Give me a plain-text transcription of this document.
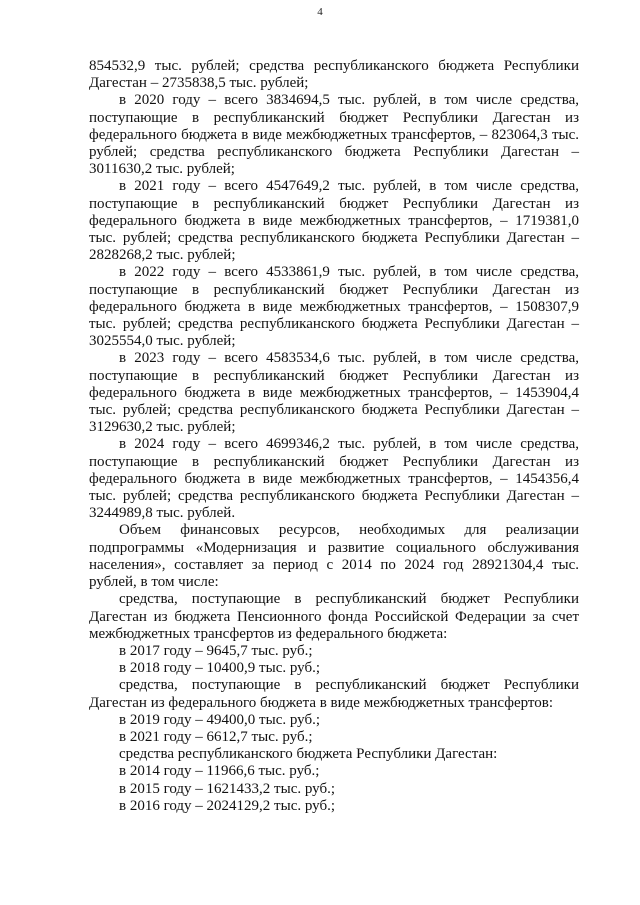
4

854532,9 тыс. рублей; средства республиканского бюджета Республики Дагестан – 2735838,5 тыс. рублей;

в 2020 году – всего 3834694,5 тыс. рублей, в том числе средства, поступающие в республиканский бюджет Республики Дагестан из федерального бюджета в виде межбюджетных трансфертов, – 823064,3 тыс. рублей; средства республиканского бюджета Республики Дагестан – 3011630,2 тыс. рублей;

в 2021 году – всего 4547649,2 тыс. рублей, в том числе средства, поступающие в республиканский бюджет Республики Дагестан из федерального бюджета в виде межбюджетных трансфертов, – 1719381,0 тыс. рублей; средства республиканского бюджета Республики Дагестан – 2828268,2 тыс. рублей;

в 2022 году – всего 4533861,9 тыс. рублей, в том числе средства, поступающие в республиканский бюджет Республики Дагестан из федерального бюджета в виде межбюджетных трансфертов, – 1508307,9 тыс. рублей; средства республиканского бюджета Республики Дагестан – 3025554,0 тыс. рублей;

в 2023 году – всего 4583534,6 тыс. рублей, в том числе средства, поступающие в республиканский бюджет Республики Дагестан из федерального бюджета в виде межбюджетных трансфертов, – 1453904,4 тыс. рублей; средства республиканского бюджета Республики Дагестан – 3129630,2 тыс. рублей;

в 2024 году – всего 4699346,2 тыс. рублей, в том числе средства, поступающие в республиканский бюджет Республики Дагестан из федерального бюджета в виде межбюджетных трансфертов, – 1454356,4 тыс. рублей; средства республиканского бюджета Республики Дагестан – 3244989,8 тыс. рублей.

Объем финансовых ресурсов, необходимых для реализации подпрограммы «Модернизация и развитие социального обслуживания населения», составляет за период с 2014 по 2024 год 28921304,4 тыс. рублей, в том числе:

средства, поступающие в республиканский бюджет Республики Дагестан из бюджета Пенсионного фонда Российской Федерации за счет межбюджетных трансфертов из федерального бюджета:

в 2017 году – 9645,7 тыс. руб.;

в 2018 году – 10400,9 тыс. руб.;

средства, поступающие в республиканский бюджет Республики Дагестан из федерального бюджета в виде межбюджетных трансфертов:

в 2019 году – 49400,0 тыс. руб.;

в 2021 году – 6612,7 тыс. руб.;

средства республиканского бюджета Республики Дагестан:

в 2014 году – 11966,6 тыс. руб.;

в 2015 году – 1621433,2 тыс. руб.;

в 2016 году – 2024129,2 тыс. руб.;
